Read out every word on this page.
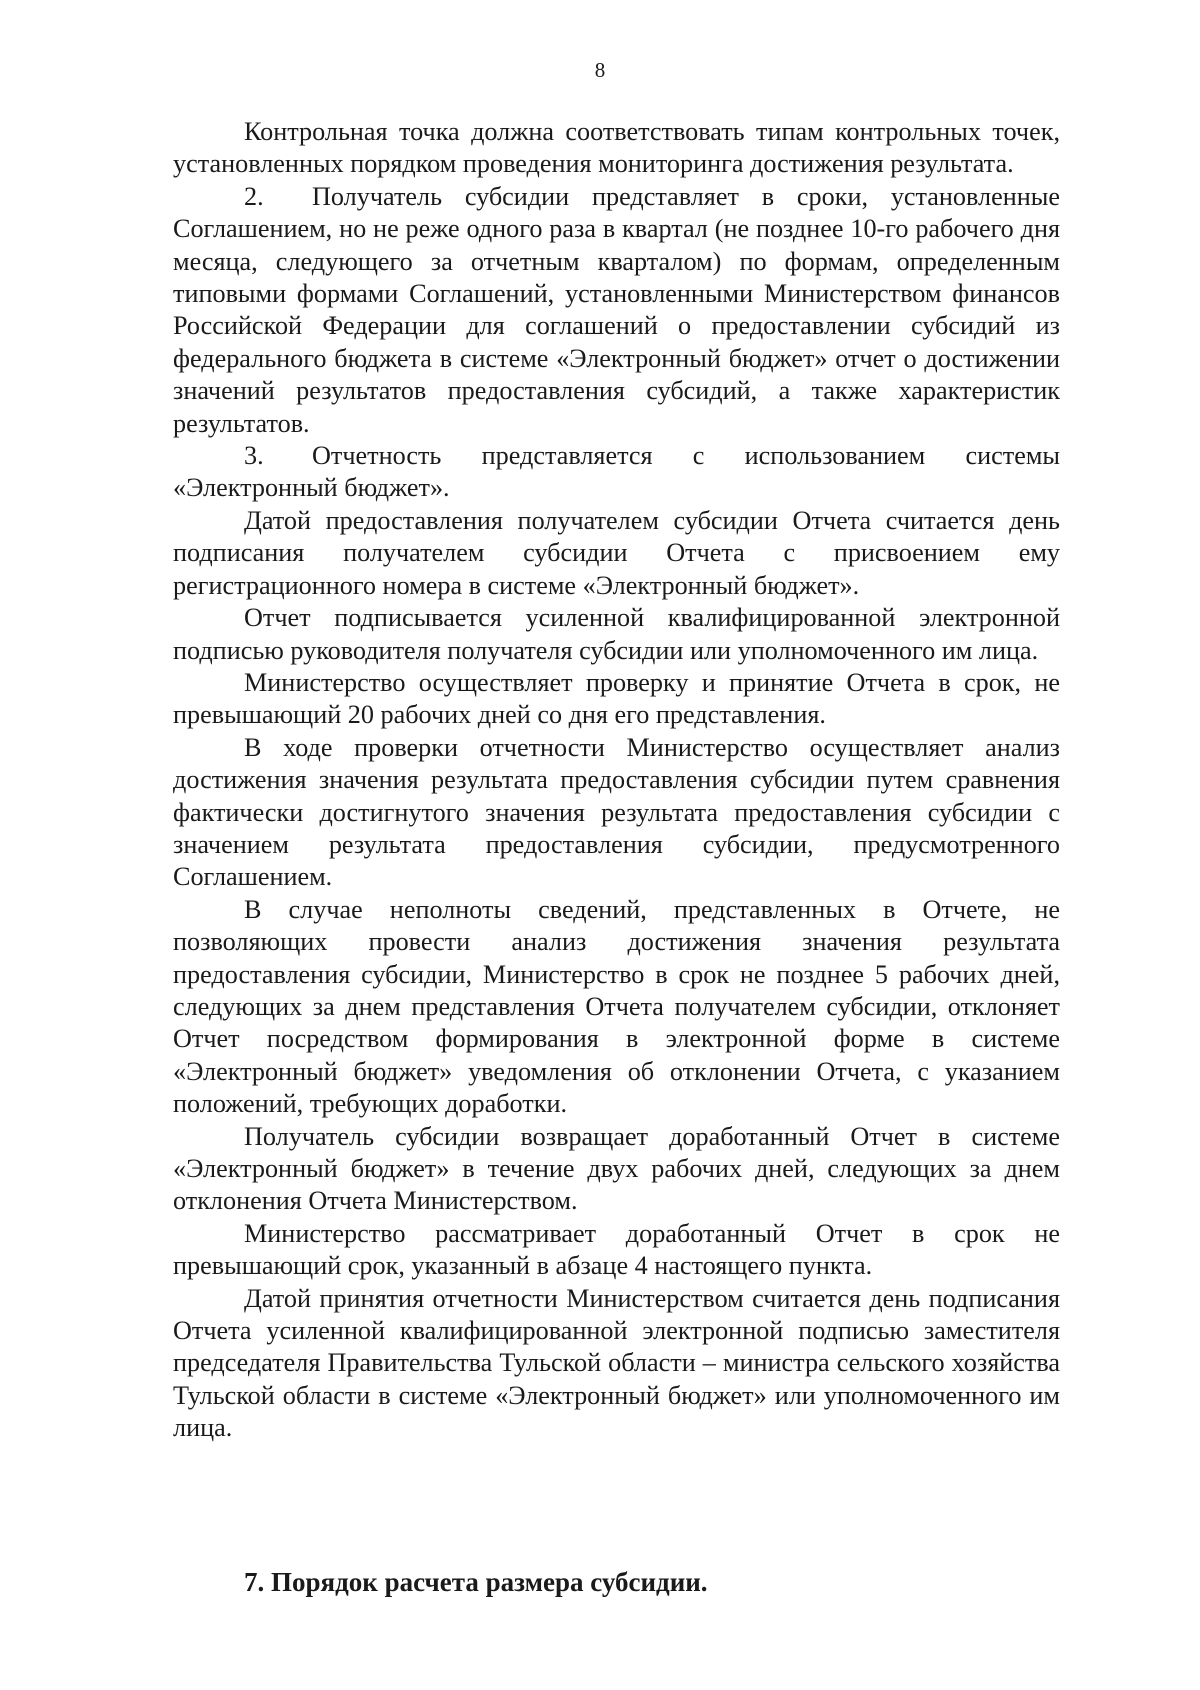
8

Контрольная точка должна соответствовать типам контрольных точек, установленных порядком проведения мониторинга достижения результата.

2. Получатель субсидии представляет в сроки, установленные Соглашением, но не реже одного раза в квартал (не позднее 10-го рабочего дня месяца, следующего за отчетным кварталом) по формам, определенным типовыми формами Соглашений, установленными Министерством финансов Российской Федерации для соглашений о предоставлении субсидий из федерального бюджета в системе «Электронный бюджет» отчет о достижении значений результатов предоставления субсидий, а также характеристик результатов.

3. Отчетность представляется с использованием системы «Электронный бюджет».

Датой предоставления получателем субсидии Отчета считается день подписания получателем субсидии Отчета с присвоением ему регистрационного номера в системе «Электронный бюджет».

Отчет подписывается усиленной квалифицированной электронной подписью руководителя получателя субсидии или уполномоченного им лица.

Министерство осуществляет проверку и принятие Отчета в срок, не превышающий 20 рабочих дней со дня его представления.

В ходе проверки отчетности Министерство осуществляет анализ достижения значения результата предоставления субсидии путем сравнения фактически достигнутого значения результата предоставления субсидии с значением результата предоставления субсидии, предусмотренного Соглашением.

В случае неполноты сведений, представленных в Отчете, не позволяющих провести анализ достижения значения результата предоставления субсидии, Министерство в срок не позднее 5 рабочих дней, следующих за днем представления Отчета получателем субсидии, отклоняет Отчет посредством формирования в электронной форме в системе «Электронный бюджет» уведомления об отклонении Отчета, с указанием положений, требующих доработки.

Получатель субсидии возвращает доработанный Отчет в системе «Электронный бюджет» в течение двух рабочих дней, следующих за днем отклонения Отчета Министерством.

Министерство рассматривает доработанный Отчет в срок не превышающий срок, указанный в абзаце 4 настоящего пункта.

Датой принятия отчетности Министерством считается день подписания Отчета усиленной квалифицированной электронной подписью заместителя председателя Правительства Тульской области – министра сельского хозяйства Тульской области в системе «Электронный бюджет» или уполномоченного им лица.

7. Порядок расчета размера субсидии.
